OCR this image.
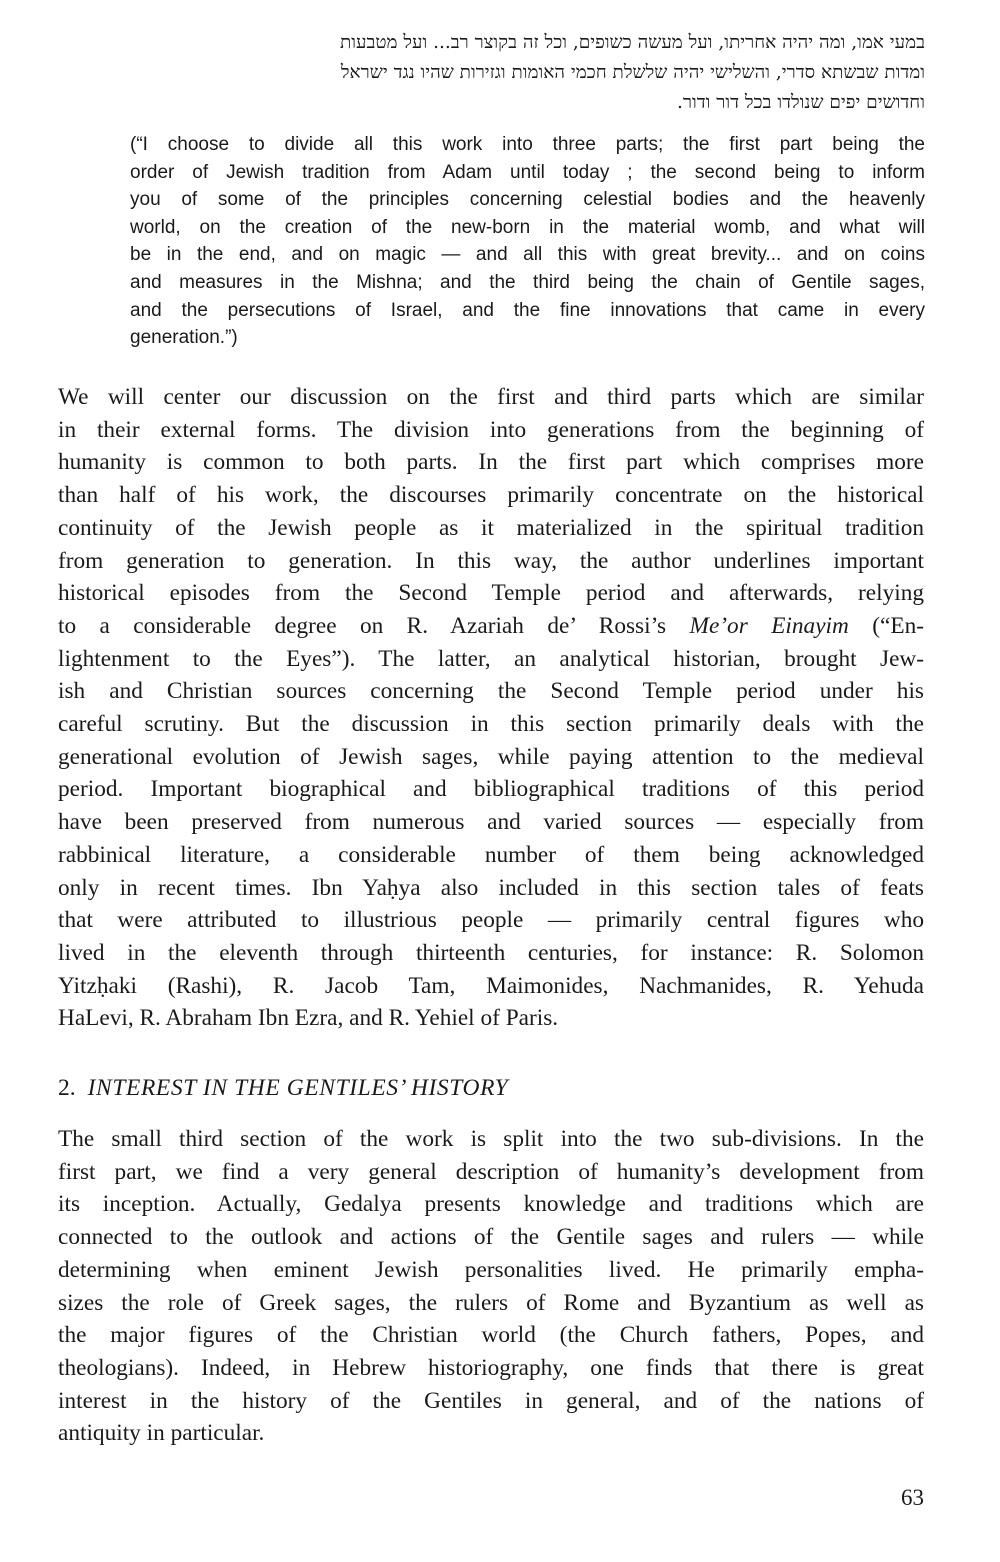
במעי אמו, ומה יהיה אחריתו, ועל מעשה כשופים, וכל זה בקוצר רב... ועל מטבעות
ומדות שבשתא סדרי, והשלישי יהיה שלשלת חכמי האומות וגזירות שהיו נגד ישראל
וחדושים יפים שנולדו בכל דור ודור.
(“I choose to divide all this work into three parts; the first part being the
order of Jewish tradition from Adam until today ; the second being to inform
you of some of the principles concerning celestial bodies and the heavenly
world, on the creation of the new-born in the material womb, and what will
be in the end, and on magic — and all this with great brevity... and on coins
and measures in the Mishna; and the third being the chain of Gentile sages,
and the persecutions of Israel, and the fine innovations that came in every
generation.”)
We will center our discussion on the first and third parts which are similar
in their external forms. The division into generations from the beginning of
humanity is common to both parts. In the first part which comprises more
than half of his work, the discourses primarily concentrate on the historical
continuity of the Jewish people as it materialized in the spiritual tradition
from generation to generation. In this way, the author underlines important
historical episodes from the Second Temple period and afterwards, relying
to a considerable degree on R. Azariah de’ Rossi’s Me’or Einayim (“En-
lightenment to the Eyes”). The latter, an analytical historian, brought Jew-
ish and Christian sources concerning the Second Temple period under his
careful scrutiny. But the discussion in this section primarily deals with the
generational evolution of Jewish sages, while paying attention to the medieval
period. Important biographical and bibliographical traditions of this period
have been preserved from numerous and varied sources — especially from
rabbinical literature, a considerable number of them being acknowledged
only in recent times. Ibn Yaḥya also included in this section tales of feats
that were attributed to illustrious people — primarily central figures who
lived in the eleventh through thirteenth centuries, for instance: R. Solomon
Yitzḥaki (Rashi), R. Jacob Tam, Maimonides, Nachmanides, R. Yehuda
HaLevi, R. Abraham Ibn Ezra, and R. Yehiel of Paris.
2. INTEREST IN THE GENTILES’ HISTORY
The small third section of the work is split into the two sub-divisions. In the
first part, we find a very general description of humanity’s development from
its inception. Actually, Gedalya presents knowledge and traditions which are
connected to the outlook and actions of the Gentile sages and rulers — while
determining when eminent Jewish personalities lived. He primarily empha-
sizes the role of Greek sages, the rulers of Rome and Byzantium as well as
the major figures of the Christian world (the Church fathers, Popes, and
theologians). Indeed, in Hebrew historiography, one finds that there is great
interest in the history of the Gentiles in general, and of the nations of
antiquity in particular.
63
